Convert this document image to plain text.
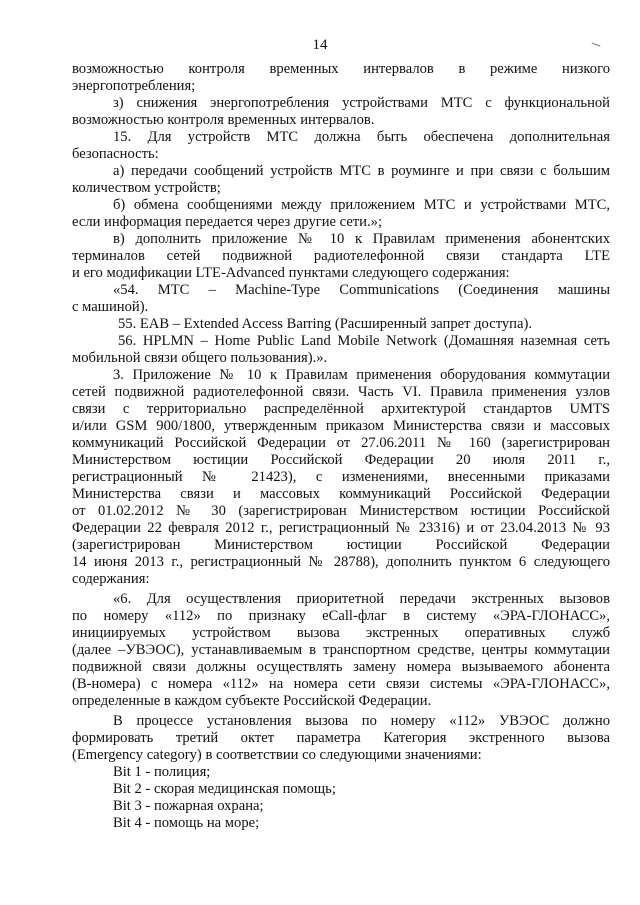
14
возможностью контроля временных интервалов в режиме низкого
энергопотребления;
з) снижения энергопотребления устройствами МТС с функциональной
возможностью контроля временных интервалов.
15. Для устройств МТС должна быть обеспечена дополнительная
безопасность:
а) передачи сообщений устройств МТС в роуминге и при связи с большим
количеством устройств;
б) обмена сообщениями между приложением МТС и устройствами МТС,
если информация передается через другие сети.»;
в) дополнить приложение № 10 к Правилам применения абонентских
терминалов сетей подвижной радиотелефонной связи стандарта LTE
и его модификации LTE-Advanced пунктами следующего содержания:
«54. МТС – Machine-Type Communications (Соединения машины
с машиной).
55. EAB – Extended Access Barring (Расширенный запрет доступа).
56. HPLMN – Home Public Land Mobile Network (Домашняя наземная сеть
мобильной связи общего пользования).».
3. Приложение № 10 к Правилам применения оборудования коммутации
сетей подвижной радиотелефонной связи. Часть VI. Правила применения узлов
связи с территориально распределённой архитектурой стандартов UMTS
и/или GSM 900/1800, утвержденным приказом Министерства связи и массовых
коммуникаций Российской Федерации от 27.06.2011 № 160 (зарегистрирован
Министерством юстиции Российской Федерации 20 июля 2011 г.,
регистрационный № 21423), с изменениями, внесенными приказами
Министерства связи и массовых коммуникаций Российской Федерации
от 01.02.2012 № 30 (зарегистрирован Министерством юстиции Российской
Федерации 22 февраля 2012 г., регистрационный № 23316) и от 23.04.2013 № 93
(зарегистрирован Министерством юстиции Российской Федерации
14 июня 2013 г., регистрационный № 28788), дополнить пунктом 6 следующего
содержания:
«6. Для осуществления приоритетной передачи экстренных вызовов
по номеру «112» по признаку eCall-флаг в систему «ЭРА-ГЛОНАСС»,
инициируемых устройством вызова экстренных оперативных служб
(далее –УВЭОС), устанавливаемым в транспортном средстве, центры коммутации
подвижной связи должны осуществлять замену номера вызываемого абонента
(В-номера) с номера «112» на номера сети связи системы «ЭРА-ГЛОНАСС»,
определенные в каждом субъекте Российской Федерации.
В процессе установления вызова по номеру «112» УВЭОС должно
формировать третий октет параметра Категория экстренного вызова
(Emergency category) в соответствии со следующими значениями:
Bit 1 - полиция;
Bit 2 - скорая медицинская помощь;
Bit 3 - пожарная охрана;
Bit 4 - помощь на море;
